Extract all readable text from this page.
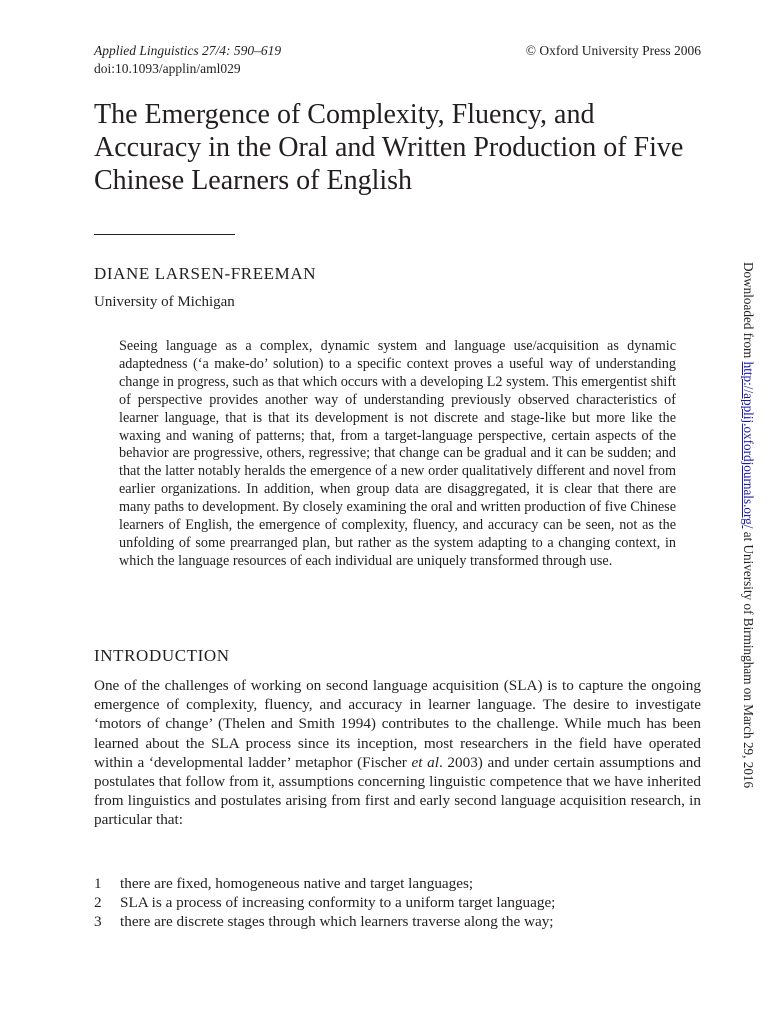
Applied Linguistics 27/4: 590–619
doi:10.1093/applin/aml029
© Oxford University Press 2006
The Emergence of Complexity, Fluency, and Accuracy in the Oral and Written Production of Five Chinese Learners of English
DIANE LARSEN-FREEMAN
University of Michigan

Seeing language as a complex, dynamic system and language use/acquisition as dynamic adaptedness (‘a make-do’ solution) to a specific context proves a useful way of understanding change in progress, such as that which occurs with a developing L2 system. This emergentist shift of perspective provides another way of understanding previously observed characteristics of learner language, that is that its development is not discrete and stage-like but more like the waxing and waning of patterns; that, from a target-language perspective, certain aspects of the behavior are progressive, others, regressive; that change can be gradual and it can be sudden; and that the latter notably heralds the emergence of a new order qualitatively different and novel from earlier organizations. In addition, when group data are disaggregated, it is clear that there are many paths to development. By closely examining the oral and written production of five Chinese learners of English, the emergence of complexity, fluency, and accuracy can be seen, not as the unfolding of some prearranged plan, but rather as the system adapting to a changing context, in which the language resources of each individual are uniquely transformed through use.

INTRODUCTION

One of the challenges of working on second language acquisition (SLA) is to capture the ongoing emergence of complexity, fluency, and accuracy in learner language. The desire to investigate ‘motors of change’ (Thelen and Smith 1994) contributes to the challenge. While much has been learned about the SLA process since its inception, most researchers in the field have operated within a ‘developmental ladder’ metaphor (Fischer et al. 2003) and under certain assumptions and postulates that follow from it, assumptions concerning linguistic competence that we have inherited from linguistics and postulates arising from first and early second language acquisition research, in particular that:

1	there are fixed, homogeneous native and target languages;
2	SLA is a process of increasing conformity to a uniform target language;
3	there are discrete stages through which learners traverse along the way;
Downloaded from http://applij.oxfordjournals.org/ at University of Birmingham on March 29, 2016
